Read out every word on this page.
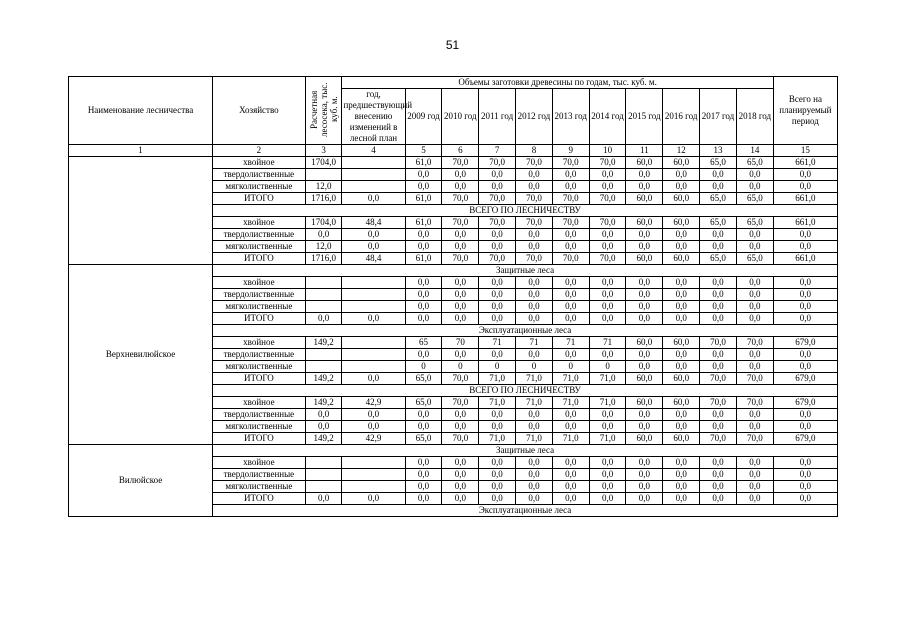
51
Наименование лесничества	Хозяйство	Расчетная лесосека, тыс. куб. м.	Объемы заготовки древесины по годам, тыс. куб. м.											Всего на планируемый период
			год, предшествующий внесению изменений в лесной план	2009 год	2010 год	2011 год	2012 год	2013 год	2014 год	2015 год	2016 год	2017 год	2018 год	
1	2	3	4	5	6	7	8	9	10	11	12	13	14	15
	хвойное	1704,0		61,0	70,0	70,0	70,0	70,0	70,0	60,0	60,0	65,0	65,0	661,0
	твердолиственные			0,0	0,0	0,0	0,0	0,0	0,0	0,0	0,0	0,0	0,0	0,0
	мягколиственные	12,0		0,0	0,0	0,0	0,0	0,0	0,0	0,0	0,0	0,0	0,0	0,0
	ИТОГО	1716,0	0,0	61,0	70,0	70,0	70,0	70,0	70,0	60,0	60,0	65,0	65,0	661,0
	ВСЕГО ПО ЛЕСНИЧЕСТВУ													
	хвойное	1704,0	48,4	61,0	70,0	70,0	70,0	70,0	70,0	60,0	60,0	65,0	65,0	661,0
	твердолиственные	0,0	0,0	0,0	0,0	0,0	0,0	0,0	0,0	0,0	0,0	0,0	0,0	0,0
	мягколиственные	12,0	0,0	0,0	0,0	0,0	0,0	0,0	0,0	0,0	0,0	0,0	0,0	0,0
	ИТОГО	1716,0	48,4	61,0	70,0	70,0	70,0	70,0	70,0	60,0	60,0	65,0	65,0	661,0
Верхневилюйское	Защитные леса													
	хвойное			0,0	0,0	0,0	0,0	0,0	0,0	0,0	0,0	0,0	0,0	0,0
	твердолиственные			0,0	0,0	0,0	0,0	0,0	0,0	0,0	0,0	0,0	0,0	0,0
	мягколиственные			0,0	0,0	0,0	0,0	0,0	0,0	0,0	0,0	0,0	0,0	0,0
	ИТОГО	0,0	0,0	0,0	0,0	0,0	0,0	0,0	0,0	0,0	0,0	0,0	0,0	0,0
	Эксплуатационные леса													
	хвойное	149,2		65	70	71	71	71	71	60,0	60,0	70,0	70,0	679,0
	твердолиственные			0,0	0,0	0,0	0,0	0,0	0,0	0,0	0,0	0,0	0,0	0,0
	мягколиственные			0	0	0	0	0	0	0,0	0,0	0,0	0,0	0,0
	ИТОГО	149,2	0,0	65,0	70,0	71,0	71,0	71,0	71,0	60,0	60,0	70,0	70,0	679,0
	ВСЕГО ПО ЛЕСНИЧЕСТВУ													
	хвойное	149,2	42,9	65,0	70,0	71,0	71,0	71,0	71,0	60,0	60,0	70,0	70,0	679,0
	твердолиственные	0,0	0,0	0,0	0,0	0,0	0,0	0,0	0,0	0,0	0,0	0,0	0,0	0,0
	мягколиственные	0,0	0,0	0,0	0,0	0,0	0,0	0,0	0,0	0,0	0,0	0,0	0,0	0,0
	ИТОГО	149,2	42,9	65,0	70,0	71,0	71,0	71,0	71,0	60,0	60,0	70,0	70,0	679,0
Вилюйское	Защитные леса													
	хвойное			0,0	0,0	0,0	0,0	0,0	0,0	0,0	0,0	0,0	0,0	0,0
	твердолиственные			0,0	0,0	0,0	0,0	0,0	0,0	0,0	0,0	0,0	0,0	0,0
	мягколиственные			0,0	0,0	0,0	0,0	0,0	0,0	0,0	0,0	0,0	0,0	0,0
	ИТОГО	0,0	0,0	0,0	0,0	0,0	0,0	0,0	0,0	0,0	0,0	0,0	0,0	0,0
	Эксплуатационные леса													
